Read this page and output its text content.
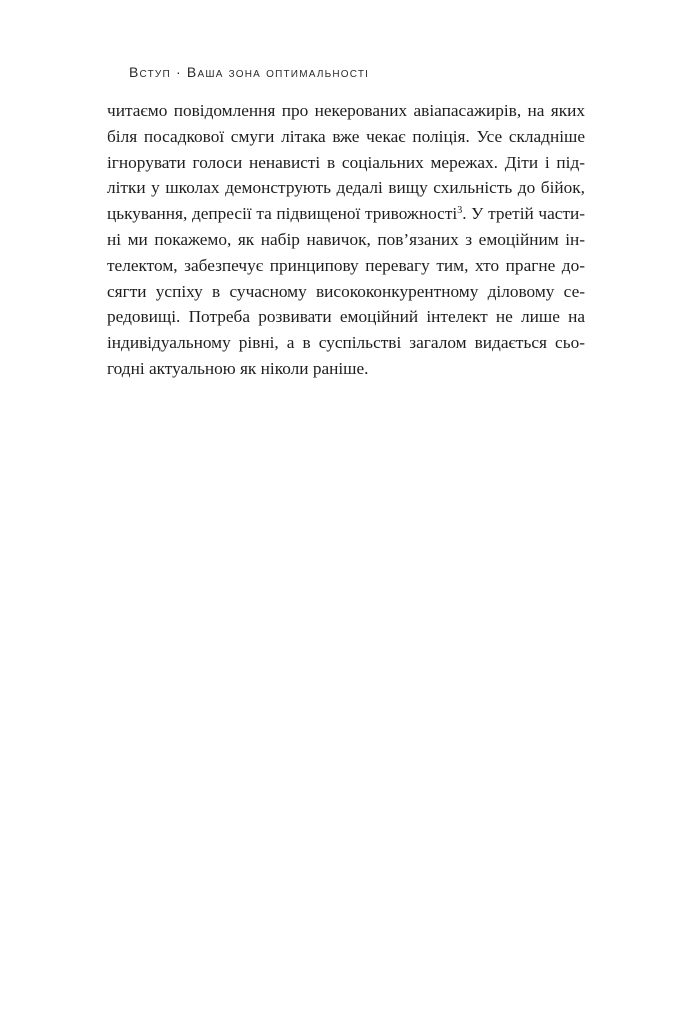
Вступ · Ваша зона оптимальності
читаємо повідомлення про некерованих авіапасажирів, на яких
біля посадкової смуги літака вже чекає поліція. Усе складніше
ігнорувати голоси ненависті в соціальних мережах. Діти і під-
літки у школах демонструють дедалі вищу схильність до бійок,
цькування, депресії та підвищеної тривожності$^3$. У третій части-
ні ми покажемо, як набір навичок, пов’язаних з емоційним ін-
телектом, забезпечує принципову перевагу тим, хто прагне до-
сягти успіху в сучасному висококонкурентному діловому се-
редовищі. Потреба розвивати емоційний інтелект не лише на
індивідуальному рівні, а в суспільстві загалом видається сьо-
годні актуальною як ніколи раніше.
